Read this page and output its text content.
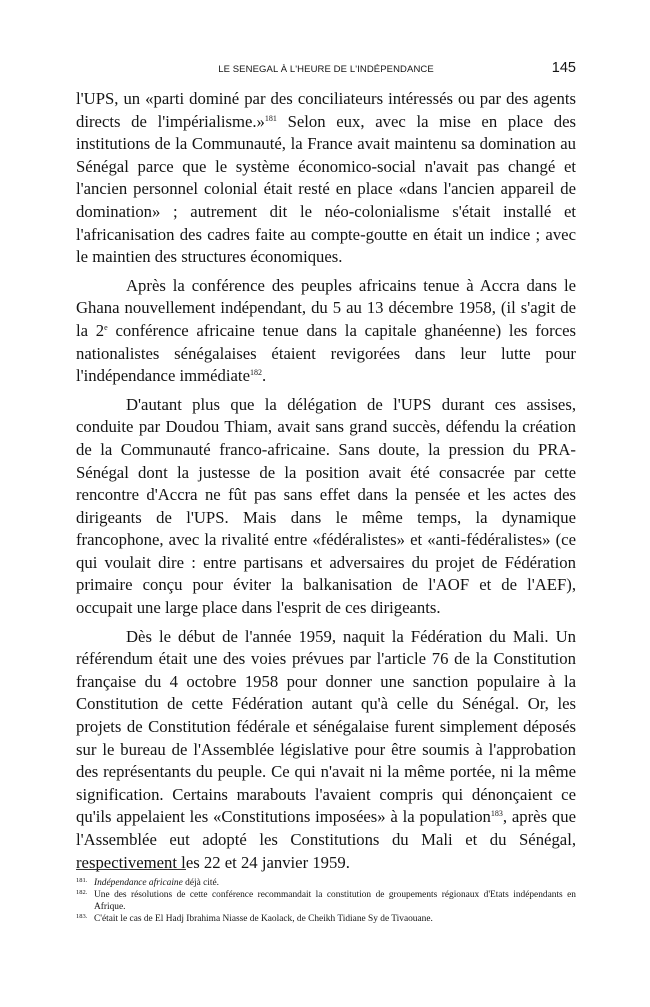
LE SENEGAL À L'HEURE DE L'INDÉPENDANCE	145

l'UPS, un «parti dominé par des conciliateurs intéressés ou par des agents directs de l'impérialisme.»$^{181}$ Selon eux, avec la mise en place des institutions de la Communauté, la France avait maintenu sa domination au Sénégal parce que le système économico-social n'avait pas changé et l'ancien personnel colonial était resté en place «dans l'ancien appareil de domination» ; autrement dit le néo-colonialisme s'était installé et l'africanisation des cadres faite au compte-goutte en était un indice ; avec le maintien des structures économiques.

Après la conférence des peuples africains tenue à Accra dans le Ghana nouvellement indépendant, du 5 au 13 décembre 1958, (il s'agit de la 2e conférence africaine tenue dans la capitale ghanéenne) les forces nationalistes sénégalaises étaient revigorées dans leur lutte pour l'indépendance immédiate$^{182}$.

D'autant plus que la délégation de l'UPS durant ces assises, conduite par Doudou Thiam, avait sans grand succès, défendu la création de la Communauté franco-africaine. Sans doute, la pression du PRA-Sénégal dont la justesse de la position avait été consacrée par cette rencontre d'Accra ne fût pas sans effet dans la pensée et les actes des dirigeants de l'UPS. Mais dans le même temps, la dynamique francophone, avec la rivalité entre «fédéralistes» et «anti-fédéralistes» (ce qui voulait dire : entre partisans et adversaires du projet de Fédération primaire conçu pour éviter la balkanisation de l'AOF et de l'AEF), occupait une large place dans l'esprit de ces dirigeants.

Dès le début de l'année 1959, naquit la Fédération du Mali. Un référendum était une des voies prévues par l'article 76 de la Constitution française du 4 octobre 1958 pour donner une sanction populaire à la Constitution de cette Fédération autant qu'à celle du Sénégal. Or, les projets de Constitution fédérale et sénégalaise furent simplement déposés sur le bureau de l'Assemblée législative pour être soumis à l'approbation des représentants du peuple. Ce qui n'avait ni la même portée, ni la même signification. Certains marabouts l'avaient compris qui dénonçaient ce qu'ils appelaient les «Constitutions imposées» à la population$^{183}$, après que l'Assemblée eut adopté les Constitutions du Mali et du Sénégal, respectivement les 22 et 24 janvier 1959.

181. Indépendance africaine déjà cité.

182. Une des résolutions de cette conférence recommandait la constitution de groupements régionaux d'Etats indépendants en Afrique.

183. C'était le cas de El Hadj Ibrahima Niasse de Kaolack, de Cheikh Tidiane Sy de Tivaouane.
